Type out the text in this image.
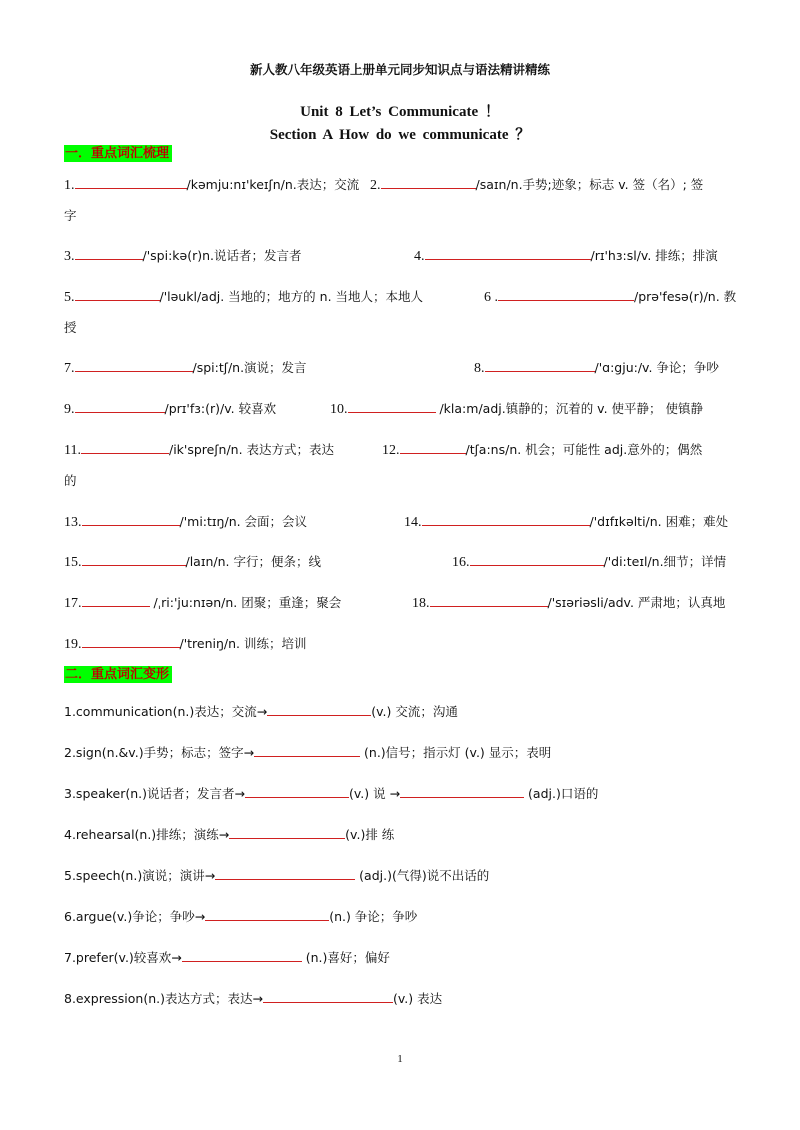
新人教八年级英语上册单元同步知识点与语法精讲精练
Unit 8 Let’s Communicate ！
Section A How do we communicate ？
一．重点词汇梳理
1.	/kəmju:nɪ'keɪʃn/n.表达；交流 2.	/saɪn/n.手势;迹象；标志 v. 签（名）; 签
字
3.	/'spi:kə(r)n.说话者；发言者	4.	/rɪ'hɜ:sl/v. 排练；排演
5.	/'ləukl/adj. 当地的；地方的 n. 当地人；本地人	6 .	/prə'fesə(r)/n. 教
授
7.	/spi:tʃ/n.演说；发言	8.	/'ɑ:gju:/v. 争论；争吵
9.	/prɪ'fɜ:(r)/v. 较喜欢	10.	/kla:m/adj.镇静的；沉着的 v. 使平静； 使镇静
11.	/ik'spreʃn/n. 表达方式；表达	12.	/tʃa:ns/n. 机会；可能性 adj.意外的；偶然
的
13.	/'mi:tɪŋ/n. 会面；会议	14.	/'dɪfɪkəlti/n. 困难；难处
15.	/laɪn/n. 字行；便条；线	16.	/'di:teɪl/n.细节；详情
17.	/ˌri:'ju:nɪən/n. 团聚；重逢；聚会	18.	/'sɪəriəsli/adv. 严肃地；认真地
19.	/'treniŋ/n. 训练；培训
二．重点词汇变形
1.communication(n.)表达；交流→	(v.) 交流；沟通
2.sign(n.&v.)手势；标志；签字→	(n.)信号；指示灯 (v.) 显示；表明
3.speaker(n.)说话者；发言者→	(v.) 说 →	(adj.)口语的
4.rehearsal(n.)排练；演练→	(v.)排 练
5.speech(n.)演说；演讲→	(adj.)(气得)说不出话的
6.argue(v.)争论；争吵→	(n.) 争论；争吵
7.prefer(v.)较喜欢→	(n.)喜好；偏好
8.expression(n.)表达方式；表达→	(v.) 表达
1
